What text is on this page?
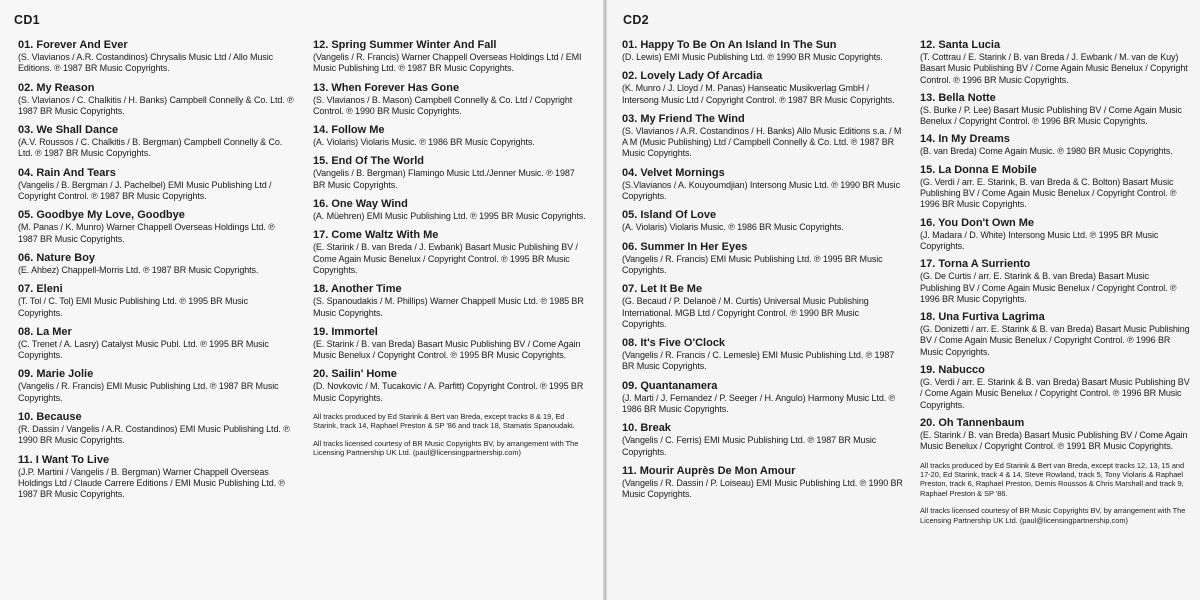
CD1
01. Forever And Ever
(S. Vlavianos / A.R. Costandinos) Chrysalis Music Ltd / Allo Music Editions. ℗ 1987 BR Music Copyrights.
02. My Reason
(S. Vlavianos / C. Chalkitis / H. Banks) Campbell Connelly & Co. Ltd. ℗ 1987 BR Music Copyrights.
03. We Shall Dance
(A.V. Roussos / C. Chalkitis / B. Bergman) Campbell Connelly & Co. Ltd. ℗ 1987 BR Music Copyrights.
04. Rain And Tears
(Vangelis / B. Bergman / J. Pachelbel) EMI Music Publishing Ltd / Copyright Control. ℗ 1987 BR Music Copyrights.
05. Goodbye My Love, Goodbye
(M. Panas / K. Munro) Warner Chappell Overseas Holdings Ltd. ℗ 1987 BR Music Copyrights.
06. Nature Boy
(E. Ahbez) Chappell-Morris Ltd. ℗ 1987 BR Music Copyrights.
07. Eleni
(T. Tol / C. Tol) EMI Music Publishing Ltd. ℗ 1995 BR Music Copyrights.
08. La Mer
(C. Trenet / A. Lasry) Catalyst Music Publ. Ltd. ℗ 1995 BR Music Copyrights.
09. Marie Jolie
(Vangelis / R. Francis) EMI Music Publishing Ltd. ℗ 1987 BR Music Copyrights.
10. Because
(R. Dassin / Vangelis / A.R. Costandinos) EMI Music Publishing Ltd. ℗ 1990 BR Music Copyrights.
11. I Want To Live
(J.P. Martini / Vangelis / B. Bergman) Warner Chappell Overseas Holdings Ltd / Claude Carrere Editions / EMI Music Publishing Ltd. ℗ 1987 BR Music Copyrights.
12. Spring Summer Winter And Fall
(Vangelis / R. Francis) Warner Chappell Overseas Holdings Ltd / EMI Music Publishing Ltd. ℗ 1987 BR Music Copyrights.
13. When Forever Has Gone
(S. Vlavianos / B. Mason) Campbell Connelly & Co. Ltd / Copyright Control. ℗ 1990 BR Music Copyrights.
14. Follow Me
(A. Violaris) Violaris Music. ℗ 1986 BR Music Copyrights.
15. End Of The World
(Vangelis / B. Bergman) Flamingo Music Ltd./Jenner Music. ℗ 1987 BR Music Copyrights.
16. One Way Wind
(A. Müehren) EMI Music Publishing Ltd. ℗ 1995 BR Music Copyrights.
17. Come Waltz With Me
(E. Starink / B. van Breda / J. Ewbank) Basart Music Publishing BV / Come Again Music Benelux / Copyright Control. ℗ 1995 BR Music Copyrights.
18. Another Time
(S. Spanoudakis / M. Phillips) Warner Chappell Music Ltd. ℗ 1985 BR Music Copyrights.
19. Immortel
(E. Starink / B. van Breda) Basart Music Publishing BV / Come Again Music Benelux / Copyright Control. ℗ 1995 BR Music Copyrights.
20. Sailin' Home
(D. Novkovic / M. Tucakovic / A. Parfitt) Copyright Control. ℗ 1995 BR Music Copyrights.
All tracks produced by Ed Starink & Bert van Breda, except tracks 8 & 19, Ed Starink, track 14, Raphael Preston & SP '86 and track 18, Stamatis Spanoudaki.
All tracks licensed courtesy of BR Music Copyrights BV, by arrangement with The Licensing Partnership UK Ltd. (paul@licensingpartnership.com)
CD2
01. Happy To Be On An Island In The Sun
(D. Lewis) EMI Music Publishing Ltd. ℗ 1990 BR Music Copyrights.
02. Lovely Lady Of Arcadia
(K. Munro / J. Lloyd / M. Panas) Hanseatic Musikverlag GmbH / Intersong Music Ltd / Copyright Control. ℗ 1987 BR Music Copyrights.
03. My Friend The Wind
(S. Vlavianos / A.R. Costandinos / H. Banks) Allo Music Editions s.a. / M A M (Music Publishing) Ltd / Campbell Connelly & Co. Ltd. ℗ 1987 BR Music Copyrights.
04. Velvet Mornings
(S.Vlavianos / A. Kouyoumdjian) Intersong Music Ltd. ℗ 1990 BR Music Copyrights.
05. Island Of Love
(A. Violaris) Violaris Music. ℗ 1986 BR Music Copyrights.
06. Summer In Her Eyes
(Vangelis / R. Francis) EMI Music Publishing Ltd. ℗ 1995 BR Music Copyrights.
07. Let It Be Me
(G. Becaud / P. Delanoë / M. Curtis) Universal Music Publishing International. MGB Ltd / Copyright Control. ℗ 1990 BR Music Copyrights.
08. It's Five O'Clock
(Vangelis / R. Francis / C. Lemesle) EMI Music Publishing Ltd. ℗ 1987 BR Music Copyrights.
09. Quantanamera
(J. Marti / J. Fernandez / P. Seeger / H. Angulo) Harmony Music Ltd. ℗ 1986 BR Music Copyrights.
10. Break
(Vangelis / C. Ferris) EMI Music Publishing Ltd. ℗ 1987 BR Music Copyrights.
11. Mourir Auprès De Mon Amour
(Vangelis / R. Dassin / P. Loiseau) EMI Music Publishing Ltd. ℗ 1990 BR Music Copyrights.
12. Santa Lucia
(T. Cottrau / E. Starink / B. van Breda / J. Ewbank / M. van de Kuy) Basart Music Publishing BV / Come Again Music Benelux / Copyright Control. ℗ 1996 BR Music Copyrights.
13. Bella Notte
(S. Burke / P. Lee) Basart Music Publishing BV / Come Again Music Benelux / Copyright Control. ℗ 1996 BR Music Copyrights.
14. In My Dreams
(B. van Breda) Come Again Music. ℗ 1980 BR Music Copyrights.
15. La Donna E Mobile
(G. Verdi / arr. E. Starink, B. van Breda & C. Bolton) Basart Music Publishing BV / Come Again Music Benelux / Copyright Control. ℗ 1996 BR Music Copyrights.
16. You Don't Own Me
(J. Madara / D. White) Intersong Music Ltd. ℗ 1995 BR Music Copyrights.
17. Torna A Surriento
(G. De Curtis / arr. E. Starink & B. van Breda) Basart Music Publishing BV / Come Again Music Benelux / Copyright Control. ℗ 1996 BR Music Copyrights.
18. Una Furtiva Lagrima
(G. Donizetti / arr. E. Starink & B. van Breda) Basart Music Publishing BV / Come Again Music Benelux / Copyright Control. ℗ 1996 BR Music Copyrights.
19. Nabucco
(G. Verdi / arr. E. Starink & B. van Breda) Basart Music Publishing BV / Come Again Music Benelux / Copyright Control. ℗ 1996 BR Music Copyrights.
20. Oh Tannenbaum
(E. Starink / B. van Breda) Basart Music Publishing BV / Come Again Music Benelux / Copyright Control. ℗ 1991 BR Music Copyrights.
All tracks produced by Ed Starink & Bert van Breda, except tracks 12, 13, 15 and 17-20, Ed Starink, track 4 & 14, Steve Rowland, track 5, Tony Violaris & Raphael Preston, track 6, Raphael Preston, Demis Roussos & Chris Marshall and track 9, Raphael Preston & SP '86.
All tracks licensed courtesy of BR Music Copyrights BV, by arrangement with The Licensing Partnership UK Ltd. (paul@licensingpartnership.com)
